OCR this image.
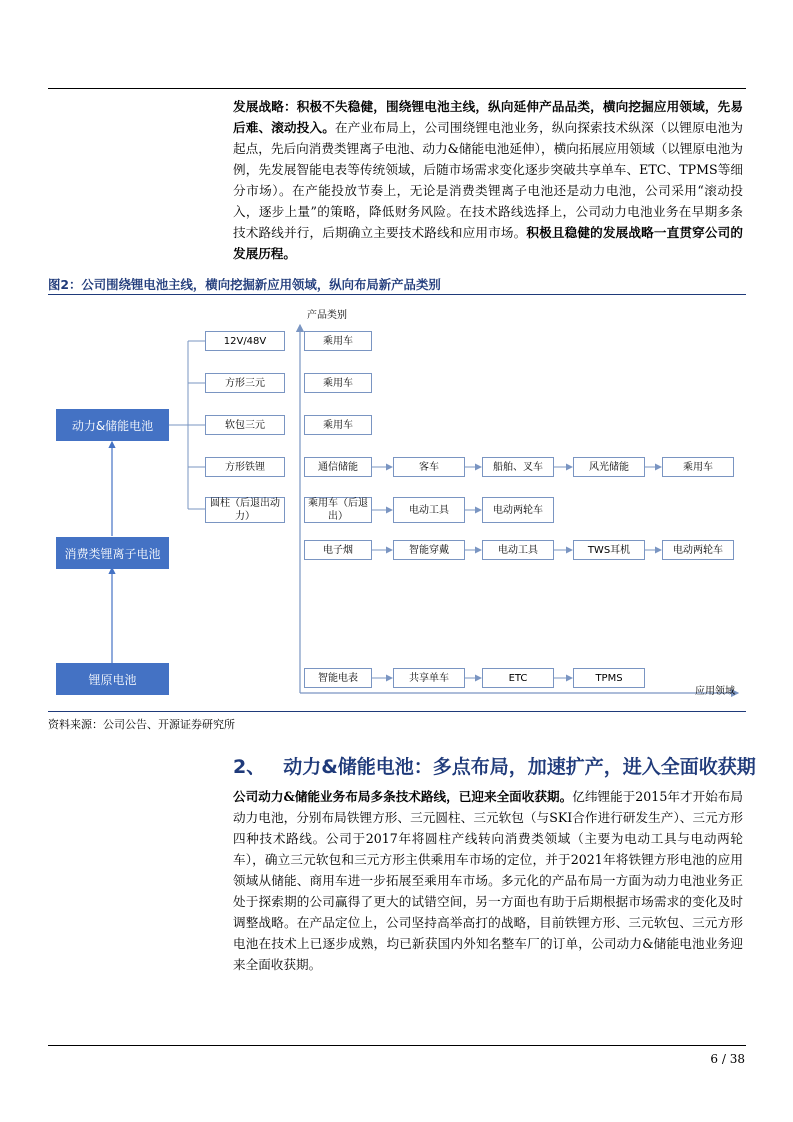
发展战略：积极不失稳健，围绕锂电池主线，纵向延伸产品品类，横向挖掘应用领域，先易后难、滚动投入。在产业布局上，公司围绕锂电池业务，纵向探索技术纵深（以锂原电池为起点，先后向消费类锂离子电池、动力&储能电池延伸），横向拓展应用领域（以锂原电池为例，先发展智能电表等传统领域，后随市场需求变化逐步突破共享单车、ETC、TPMS等细分市场）。在产能投放节奏上，无论是消费类锂离子电池还是动力电池，公司采用“滚动投入，逐步上量”的策略，降低财务风险。在技术路线选择上，公司动力电池业务在早期多条技术路线并行，后期确立主要技术路线和应用市场。积极且稳健的发展战略一直贯穿公司的发展历程。

图2：公司围绕锂电池主线，横向挖掘新应用领域，纵向布局新产品类别
产品类别
应用领域
动力&储能电池
消费类锂离子电池
锂原电池
12V/48V
方形三元
软包三元
方形铁锂
圆柱（后退出动力）
乘用车
乘用车
乘用车
通信储能	客车	船舶、叉车	风光储能	乘用车
乘用车（后退出）
电动工具	电动两轮车
电子烟	智能穿戴	电动工具	TWS耳机	电动两轮车
智能电表	共享单车	ETC	TPMS
资料来源：公司公告、开源证券研究所
2、 动力&储能电池：多点布局，加速扩产，进入全面收获期

公司动力&储能业务布局多条技术路线，已迎来全面收获期。亿纬锂能于2015年才开始布局动力电池，分别布局铁锂方形、三元圆柱、三元软包（与SKI合作进行研发生产）、三元方形四种技术路线。公司于2017年将圆柱产线转向消费类领域（主要为电动工具与电动两轮车），确立三元软包和三元方形主供乘用车市场的定位，并于2021年将铁锂方形电池的应用领域从储能、商用车进一步拓展至乘用车市场。多元化的产品布局一方面为动力电池业务正处于探索期的公司赢得了更大的试错空间，另一方面也有助于后期根据市场需求的变化及时调整战略。在产品定位上，公司坚持高举高打的战略，目前铁锂方形、三元软包、三元方形电池在技术上已逐步成熟，均已新获国内外知名整车厂的订单，公司动力&储能电池业务迎来全面收获期。

6 / 38
